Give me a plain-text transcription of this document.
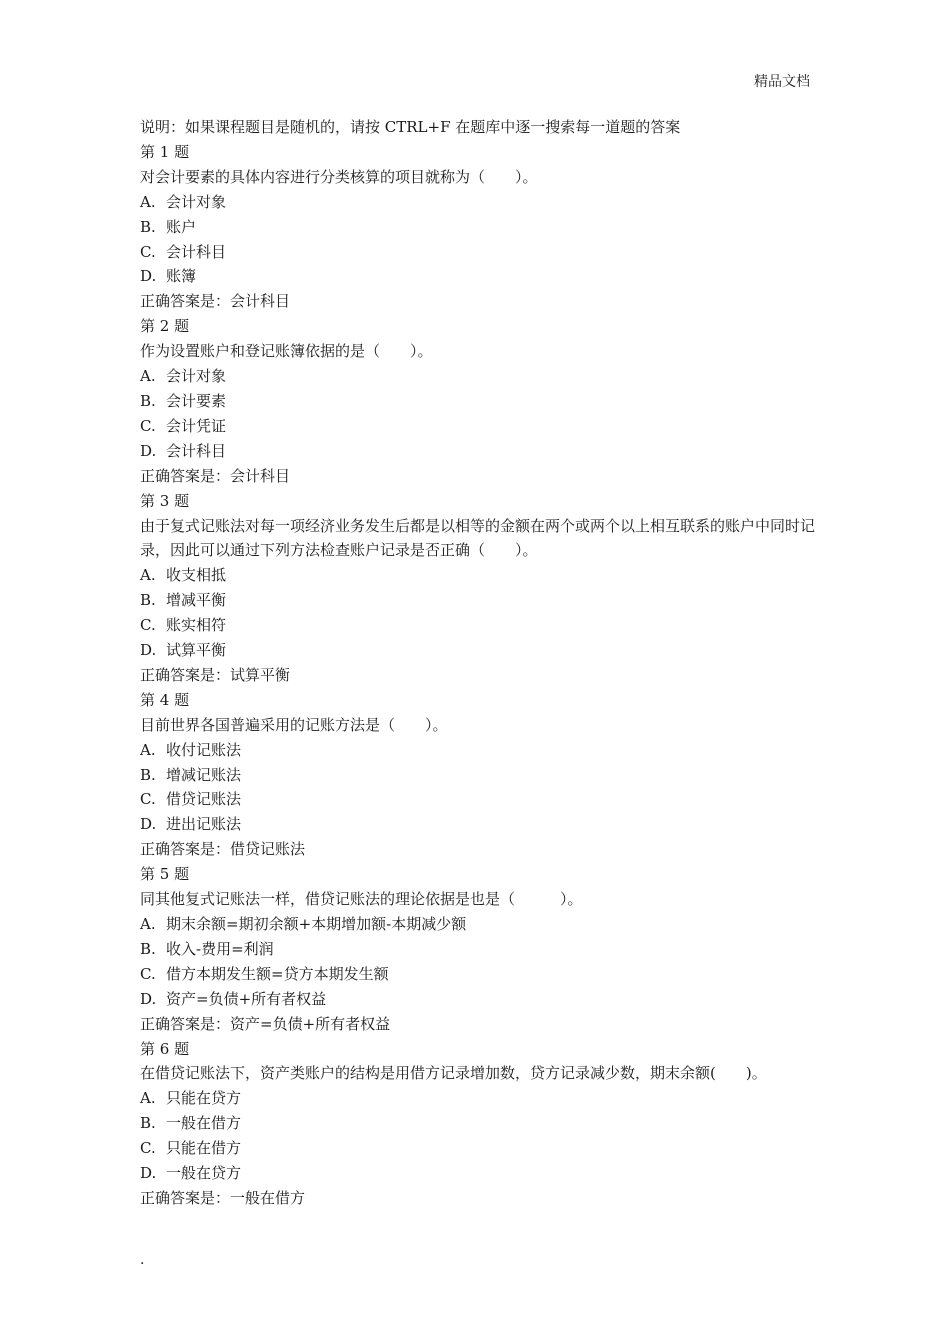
精品文档

说明：如果课程题目是随机的，请按 CTRL+F 在题库中逐一搜索每一道题的答案

第 1 题

对会计要素的具体内容进行分类核算的项目就称为（　　）。

A. 会计对象

B. 账户

C. 会计科目

D. 账簿

正确答案是：会计科目

第 2 题

作为设置账户和登记账簿依据的是（　　）。

A. 会计对象

B. 会计要素

C. 会计凭证

D. 会计科目

正确答案是：会计科目

第 3 题

由于复式记账法对每一项经济业务发生后都是以相等的金额在两个或两个以上相互联系的账户中同时记录，因此可以通过下列方法检查账户记录是否正确（　　）。

A. 收支相抵

B. 增减平衡

C. 账实相符

D. 试算平衡

正确答案是：试算平衡

第 4 题

目前世界各国普遍采用的记账方法是（　　）。

A. 收付记账法

B. 增减记账法

C. 借贷记账法

D. 进出记账法

正确答案是：借贷记账法

第 5 题

同其他复式记账法一样，借贷记账法的理论依据是也是（　　　）。

A. 期末余额=期初余额+本期增加额-本期减少额

B. 收入-费用=利润

C. 借方本期发生额=贷方本期发生额

D. 资产=负债+所有者权益

正确答案是：资产=负债+所有者权益

第 6 题

在借贷记账法下，资产类账户的结构是用借方记录增加数，贷方记录减少数，期末余额(　　)。

A. 只能在贷方

B. 一般在借方

C. 只能在借方

D. 一般在贷方

正确答案是：一般在借方

.
